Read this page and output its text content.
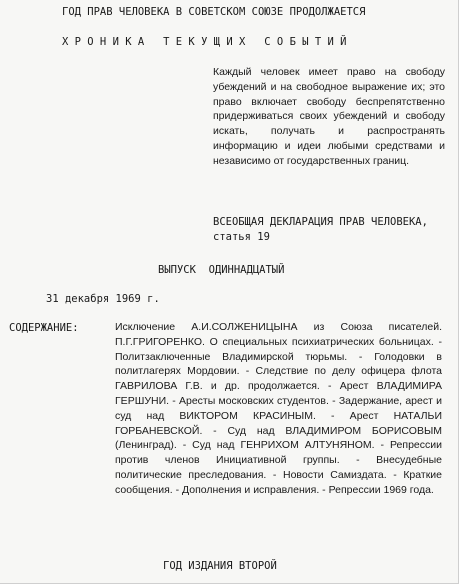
ГОД ПРАВ ЧЕЛОВЕКА В СОВЕТСКОМ СОЮЗЕ ПРОДОЛЖАЕТСЯ
Х Р О Н И К А   Т Е К У Щ И Х   С О Б Ы Т И Й
Каждый человек имеет право на свободу убеждений и на свободное выражение их; это право включает свободу беспрепятственно придерживаться своих убеждений и свободу искать, получать и распространять информацию и идеи любыми средствами и независимо от государственных границ.
ВСЕОБЩАЯ ДЕКЛАРАЦИЯ ПРАВ ЧЕЛОВЕКА,
статья 19
ВЫПУСК  ОДИННАДЦАТЫЙ
31 декабря 1969 г.
СОДЕРЖАНИЕ:	Исключение А.И.СОЛЖЕНИЦЫНА из Союза писателей. П.Г.ГРИГОРЕНКО. О специальных психиатрических больницах. - Политзаключенные Владимирской тюрьмы. - Голодовки в политлагерях Мордовии. - Следствие по делу офицера флота ГАВРИЛОВА Г.В. и др. продолжается. - Арест ВЛАДИМИРА ГЕРШУНИ. - Аресты московских студентов. - Задержание, арест и суд над ВИКТОРОМ КРАСИНЫМ. - Арест НАТАЛЬИ ГОРБАНЕВСКОЙ. - Суд над ВЛАДИМИРОМ БОРИСОВЫМ (Ленинград). - Суд над ГЕНРИХОМ АЛТУНЯНОМ. - Репрессии против членов Инициативной группы. - Внесудебные политические преследования. - Новости Самиздата. - Краткие сообщения. - Дополнения и исправления. - Репрессии 1969 года.
ГОД ИЗДАНИЯ ВТОРОЙ
